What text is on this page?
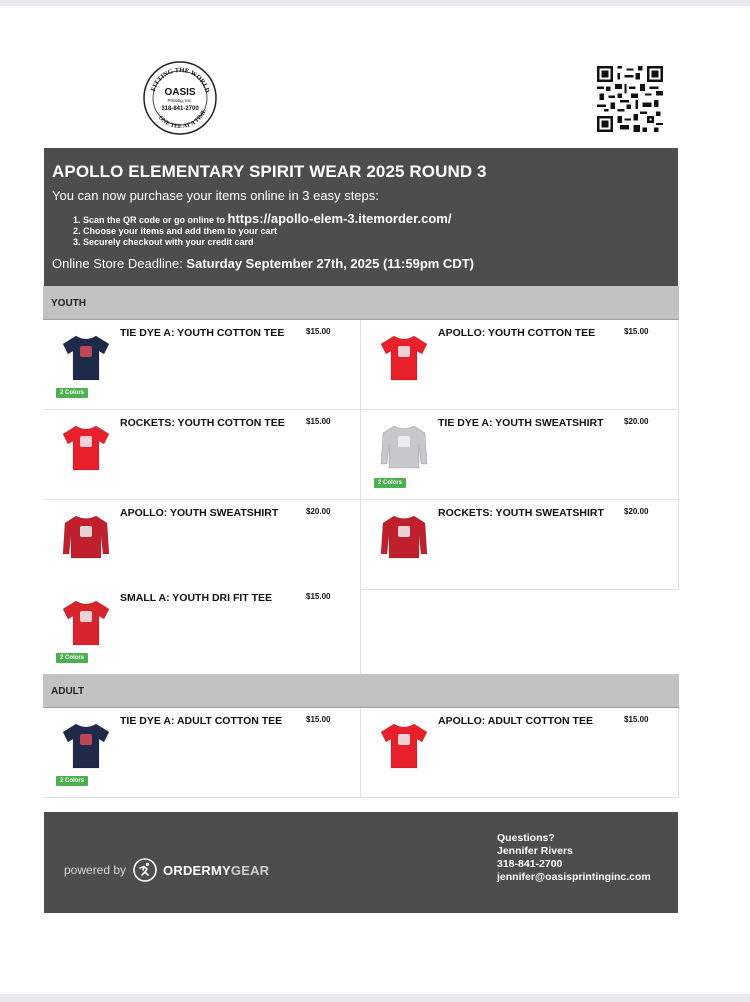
FITTING THE WORLD
ONE TEE AT A TIME
OASIS
Printing, Inc.
318-841-2700
APOLLO ELEMENTARY SPIRIT WEAR 2025 ROUND 3
You can now purchase your items online in 3 easy steps:
1. Scan the QR code or go online to https://apollo-elem-3.itemorder.com/
2. Choose your items and add them to your cart
3. Securely checkout with your credit card
Online Store Deadline: Saturday September 27th, 2025 (11:59pm CDT)
YOUTH
TIE DYE A: YOUTH COTTON TEE	$15.00
2 Colors
APOLLO: YOUTH COTTON TEE	$15.00
ROCKETS: YOUTH COTTON TEE	$15.00	TIE DYE A: YOUTH SWEATSHIRT	$20.00
2 Colors
APOLLO: YOUTH SWEATSHIRT	$20.00	ROCKETS: YOUTH SWEATSHIRT	$20.00
SMALL A: YOUTH DRI FIT TEE	$15.00
2 Colors
ADULT
TIE DYE A: ADULT COTTON TEE	$15.00
2 Colors
APOLLO: ADULT COTTON TEE	$15.00
powered by	ORDERMYGEAR
Questions?
Jennifer Rivers
318-841-2700
jennifer@oasisprintinginc.com
